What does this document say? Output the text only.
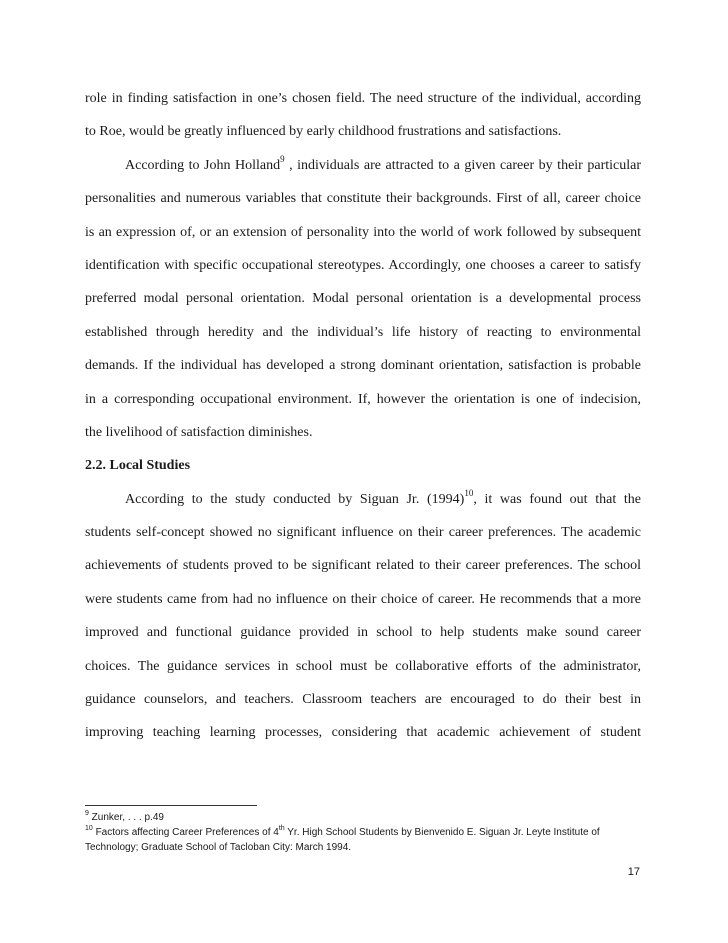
role in finding satisfaction in one’s chosen field. The need structure of the individual, according
to Roe, would be greatly influenced by early childhood frustrations and satisfactions.
According to John Holland$^9$ , individuals are attracted to a given career by their particular
personalities and numerous variables that constitute their backgrounds. First of all, career choice
is an expression of, or an extension of personality into the world of work followed by subsequent
identification with specific occupational stereotypes. Accordingly, one chooses a career to satisfy
preferred modal personal orientation. Modal personal orientation is a developmental process
established through heredity and the individual’s life history of reacting to environmental
demands. If the individual has developed a strong dominant orientation, satisfaction is probable
in a corresponding occupational environment. If, however the orientation is one of indecision,
the livelihood of satisfaction diminishes.
2.2. Local Studies
According to the study conducted by Siguan Jr. $(1994)^{10}$, it was found out that the
students self-concept showed no significant influence on their career preferences. The academic
achievements of students proved to be significant related to their career preferences. The school
were students came from had no influence on their choice of career. He recommends that a more
improved and functional guidance provided in school to help students make sound career
choices. The guidance services in school must be collaborative efforts of the administrator,
guidance counselors, and teachers. Classroom teachers are encouraged to do their best in
improving teaching learning processes, considering that academic achievement of student
$^9$ Zunker, . . . p.49
$^{10}$ Factors affecting Career Preferences of 4th Yr. High School Students by Bienvenido E. Siguan Jr. Leyte Institute of
Technology; Graduate School of Tacloban City: March 1994.
17
